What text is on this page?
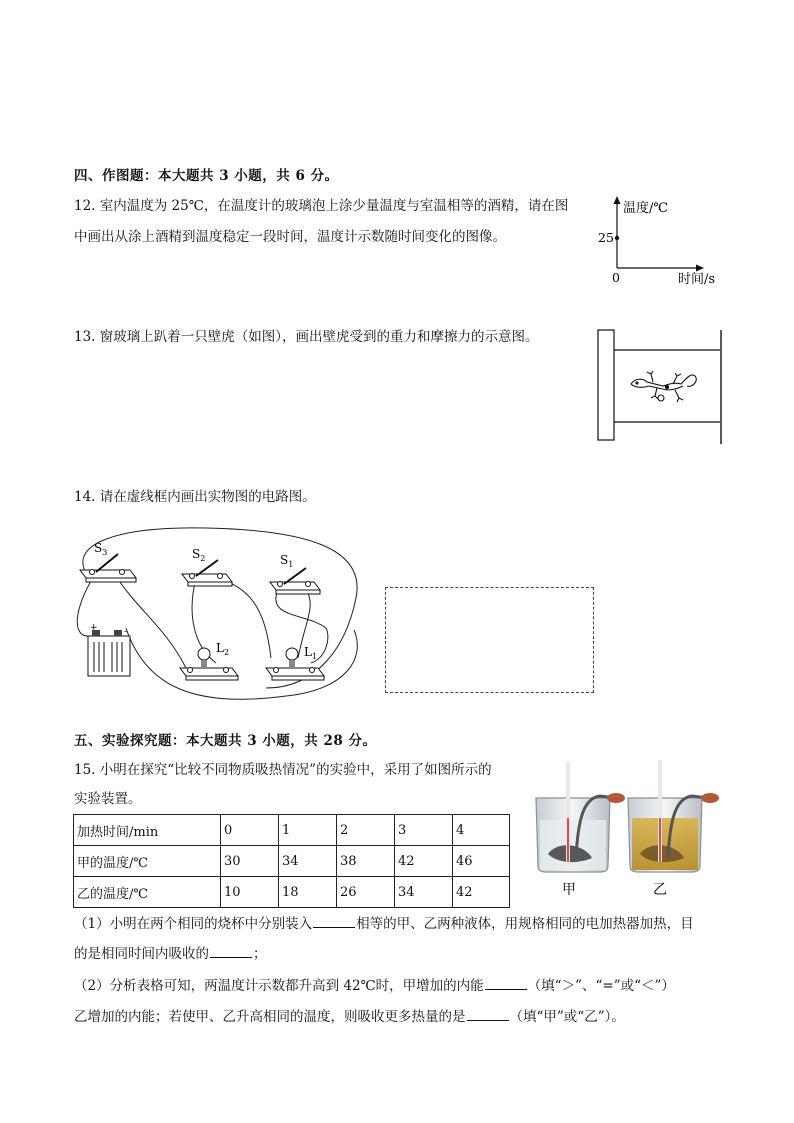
四、作图题：本大题共 3 小题，共 6 分。
12. 室内温度为 25℃，在温度计的玻璃泡上涂少量温度与室温相等的酒精，请在图
中画出从涂上酒精到温度稳定一段时间，温度计示数随时间变化的图像。
温度/℃
25
0	时间/s
13. 窗玻璃上趴着一只壁虎（如图），画出壁虎受到的重力和摩擦力的示意图。
14. 请在虚线框内画出实物图的电路图。
$S_3$	$S_2$	$S_1$
+	-
$L_2$	$L_1$
五、实验探究题：本大题共 3 小题，共 28 分。
15. 小明在探究“比较不同物质吸热情况”的实验中，采用了如图所示的
实验装置。
加热时间/min	0	1	2	3	4
甲的温度/℃	30	34	38	42	46
乙的温度/℃	10	18	26	34	42	甲	乙
（1）小明在两个相同的烧杯中分别装入	相等的甲、乙两种液体，用规格相同的电加热器加热，目
的是相同时间内吸收的	；
（2）分析表格可知，两温度计示数都升高到 42℃时，甲增加的内能	（填“＞”、“=”或“＜”）
乙增加的内能；若使甲、乙升高相同的温度，则吸收更多热量的是	（填“甲”或“乙”）。
